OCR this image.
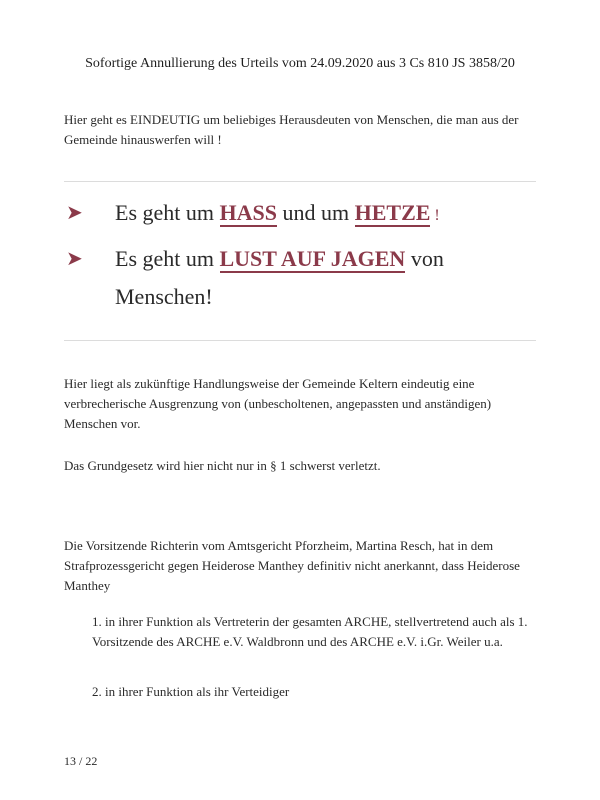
Sofortige Annullierung des Urteils vom 24.09.2020 aus 3 Cs 810 JS 3858/20
Hier geht es EINDEUTIG um beliebiges Herausdeuten von Menschen, die man aus der Gemeinde hinauswerfen will !
➤ Es geht um HASS und um HETZE !
➤ Es geht um LUST AUF JAGEN von Menschen!
Hier liegt als zukünftige Handlungsweise der Gemeinde Keltern eindeutig eine verbrecherische Ausgrenzung von (unbescholtenen, angepassten und anständigen) Menschen vor.
Das Grundgesetz wird hier nicht nur in § 1 schwerst verletzt.
Die Vorsitzende Richterin vom Amtsgericht Pforzheim, Martina Resch, hat in dem Strafprozessgericht gegen Heiderose Manthey definitiv nicht anerkannt, dass Heiderose Manthey
1. in ihrer Funktion als Vertreterin der gesamten ARCHE, stellvertretend auch als 1. Vorsitzende des ARCHE e.V. Waldbronn und des ARCHE e.V. i.Gr. Weiler u.a.
2. in ihrer Funktion als ihr Verteidiger
13 / 22
